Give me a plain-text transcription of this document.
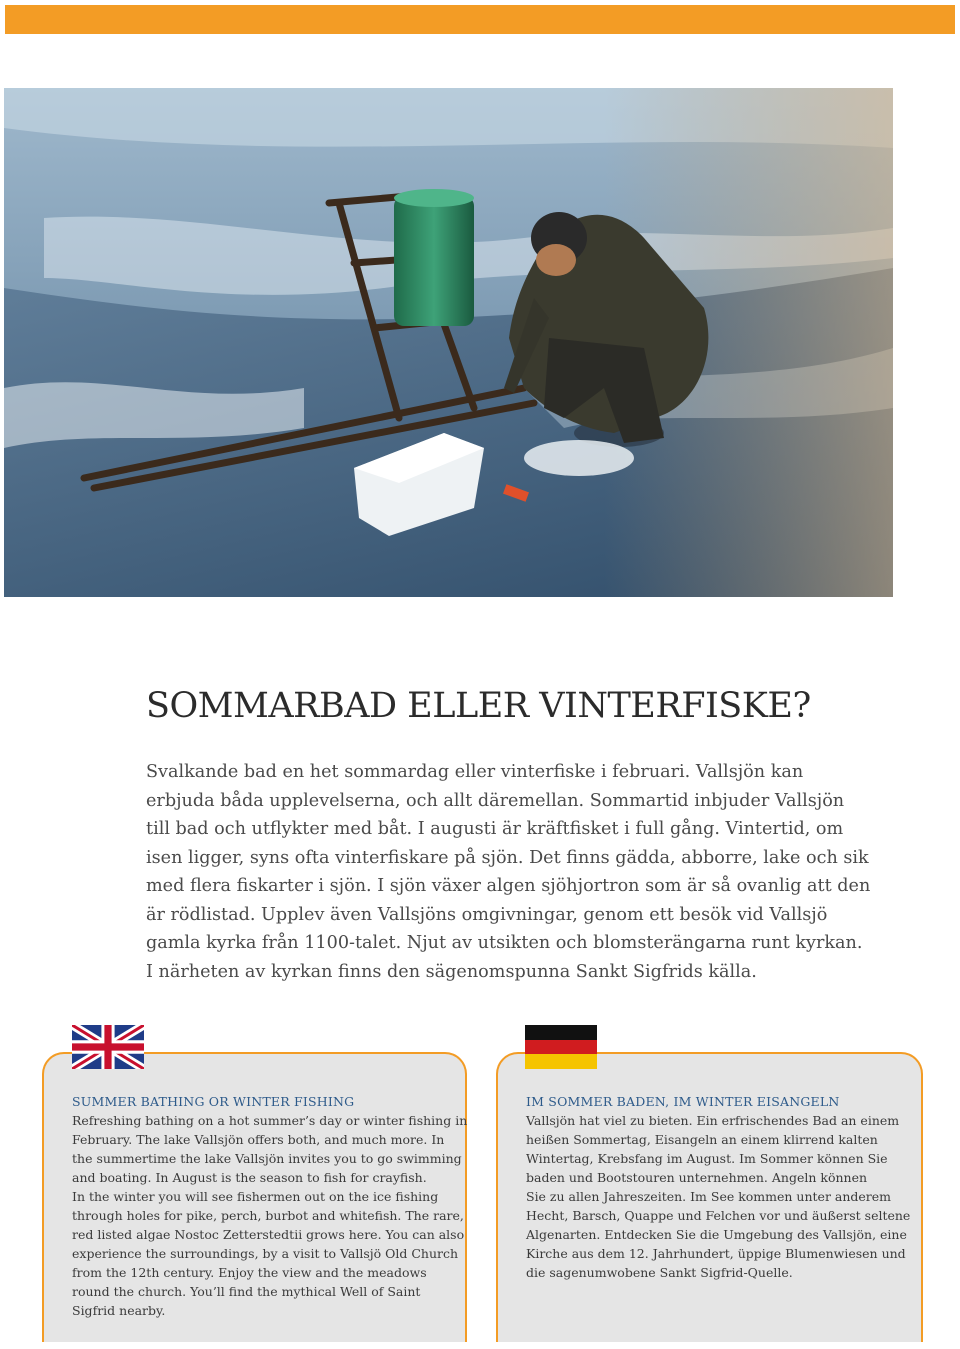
SOMMARBAD ELLER VINTERFISKE?
Svalkande bad en het sommardag eller vinterfiske i februari. Vallsjön kan
erbjuda båda upplevelserna, och allt däremellan. Sommartid inbjuder Vallsjön
till bad och utflykter med båt. I augusti är kräftfisket i full gång. Vintertid, om
isen ligger, syns ofta vinterfiskare på sjön. Det finns gädda, abborre, lake och sik
med flera fiskarter i sjön. I sjön växer algen sjöhjortron som är så ovanlig att den
är rödlistad. Upplev även Vallsjöns omgivningar, genom ett besök vid Vallsjö
gamla kyrka från 1100-talet. Njut av utsikten och blomsterängarna runt kyrkan.
I närheten av kyrkan finns den sägenomspunna Sankt Sigfrids källa.
SUMMER BATHING OR WINTER FISHING
Refreshing bathing on a hot summer’s day or winter fishing in
February. The lake Vallsjön offers both, and much more. In
the summertime the lake Vallsjön invites you to go swimming
and boating. In August is the season to fish for crayfish.
In the winter you will see fishermen out on the ice fishing
through holes for pike, perch, burbot and whitefish. The rare,
red listed algae Nostoc Zetterstedtii grows here. You can also
experience the surroundings, by a visit to Vallsjö Old Church
from the 12th century. Enjoy the view and the meadows
round the church. You’ll find the mythical Well of Saint
Sigfrid nearby.
IM SOMMER BADEN, IM WINTER EISANGELN
Vallsjön hat viel zu bieten. Ein erfrischendes Bad an einem
heißen Sommertag, Eisangeln an einem klirrend kalten
Wintertag, Krebsfang im August. Im Sommer können Sie
baden und Bootstouren unternehmen. Angeln können
Sie zu allen Jahreszeiten. Im See kommen unter anderem
Hecht, Barsch, Quappe und Felchen vor und äußerst seltene
Algenarten. Entdecken Sie die Umgebung des Vallsjön, eine
Kirche aus dem 12. Jahrhundert, üppige Blumenwiesen und
die sagenumwobene Sankt Sigfrid-Quelle.
